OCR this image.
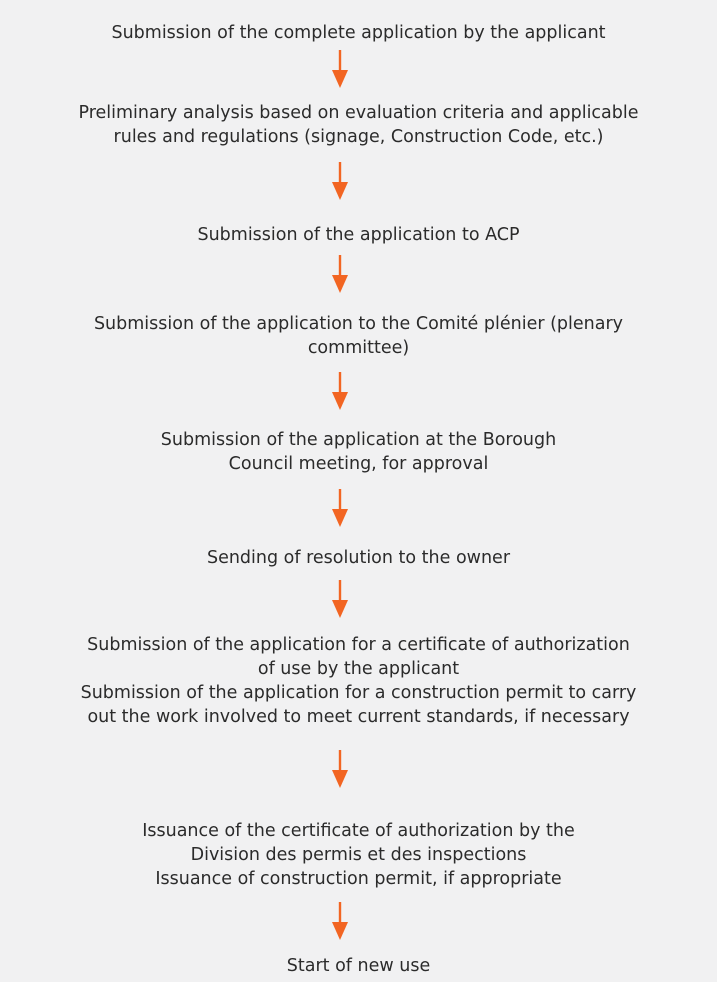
Submission of the complete application by the applicant
Preliminary analysis based on evaluation criteria and applicable
rules and regulations (signage, Construction Code, etc.)
Submission of the application to ACP
Submission of the application to the Comité plénier (plenary
committee)
Submission of the application at the Borough
Council meeting, for approval
Sending of resolution to the owner
Submission of the application for a certificate of authorization
of use by the applicant
Submission of the application for a construction permit to carry
out the work involved to meet current standards, if necessary
Issuance of the certificate of authorization by the
Division des permis et des inspections
Issuance of construction permit, if appropriate
Start of new use
